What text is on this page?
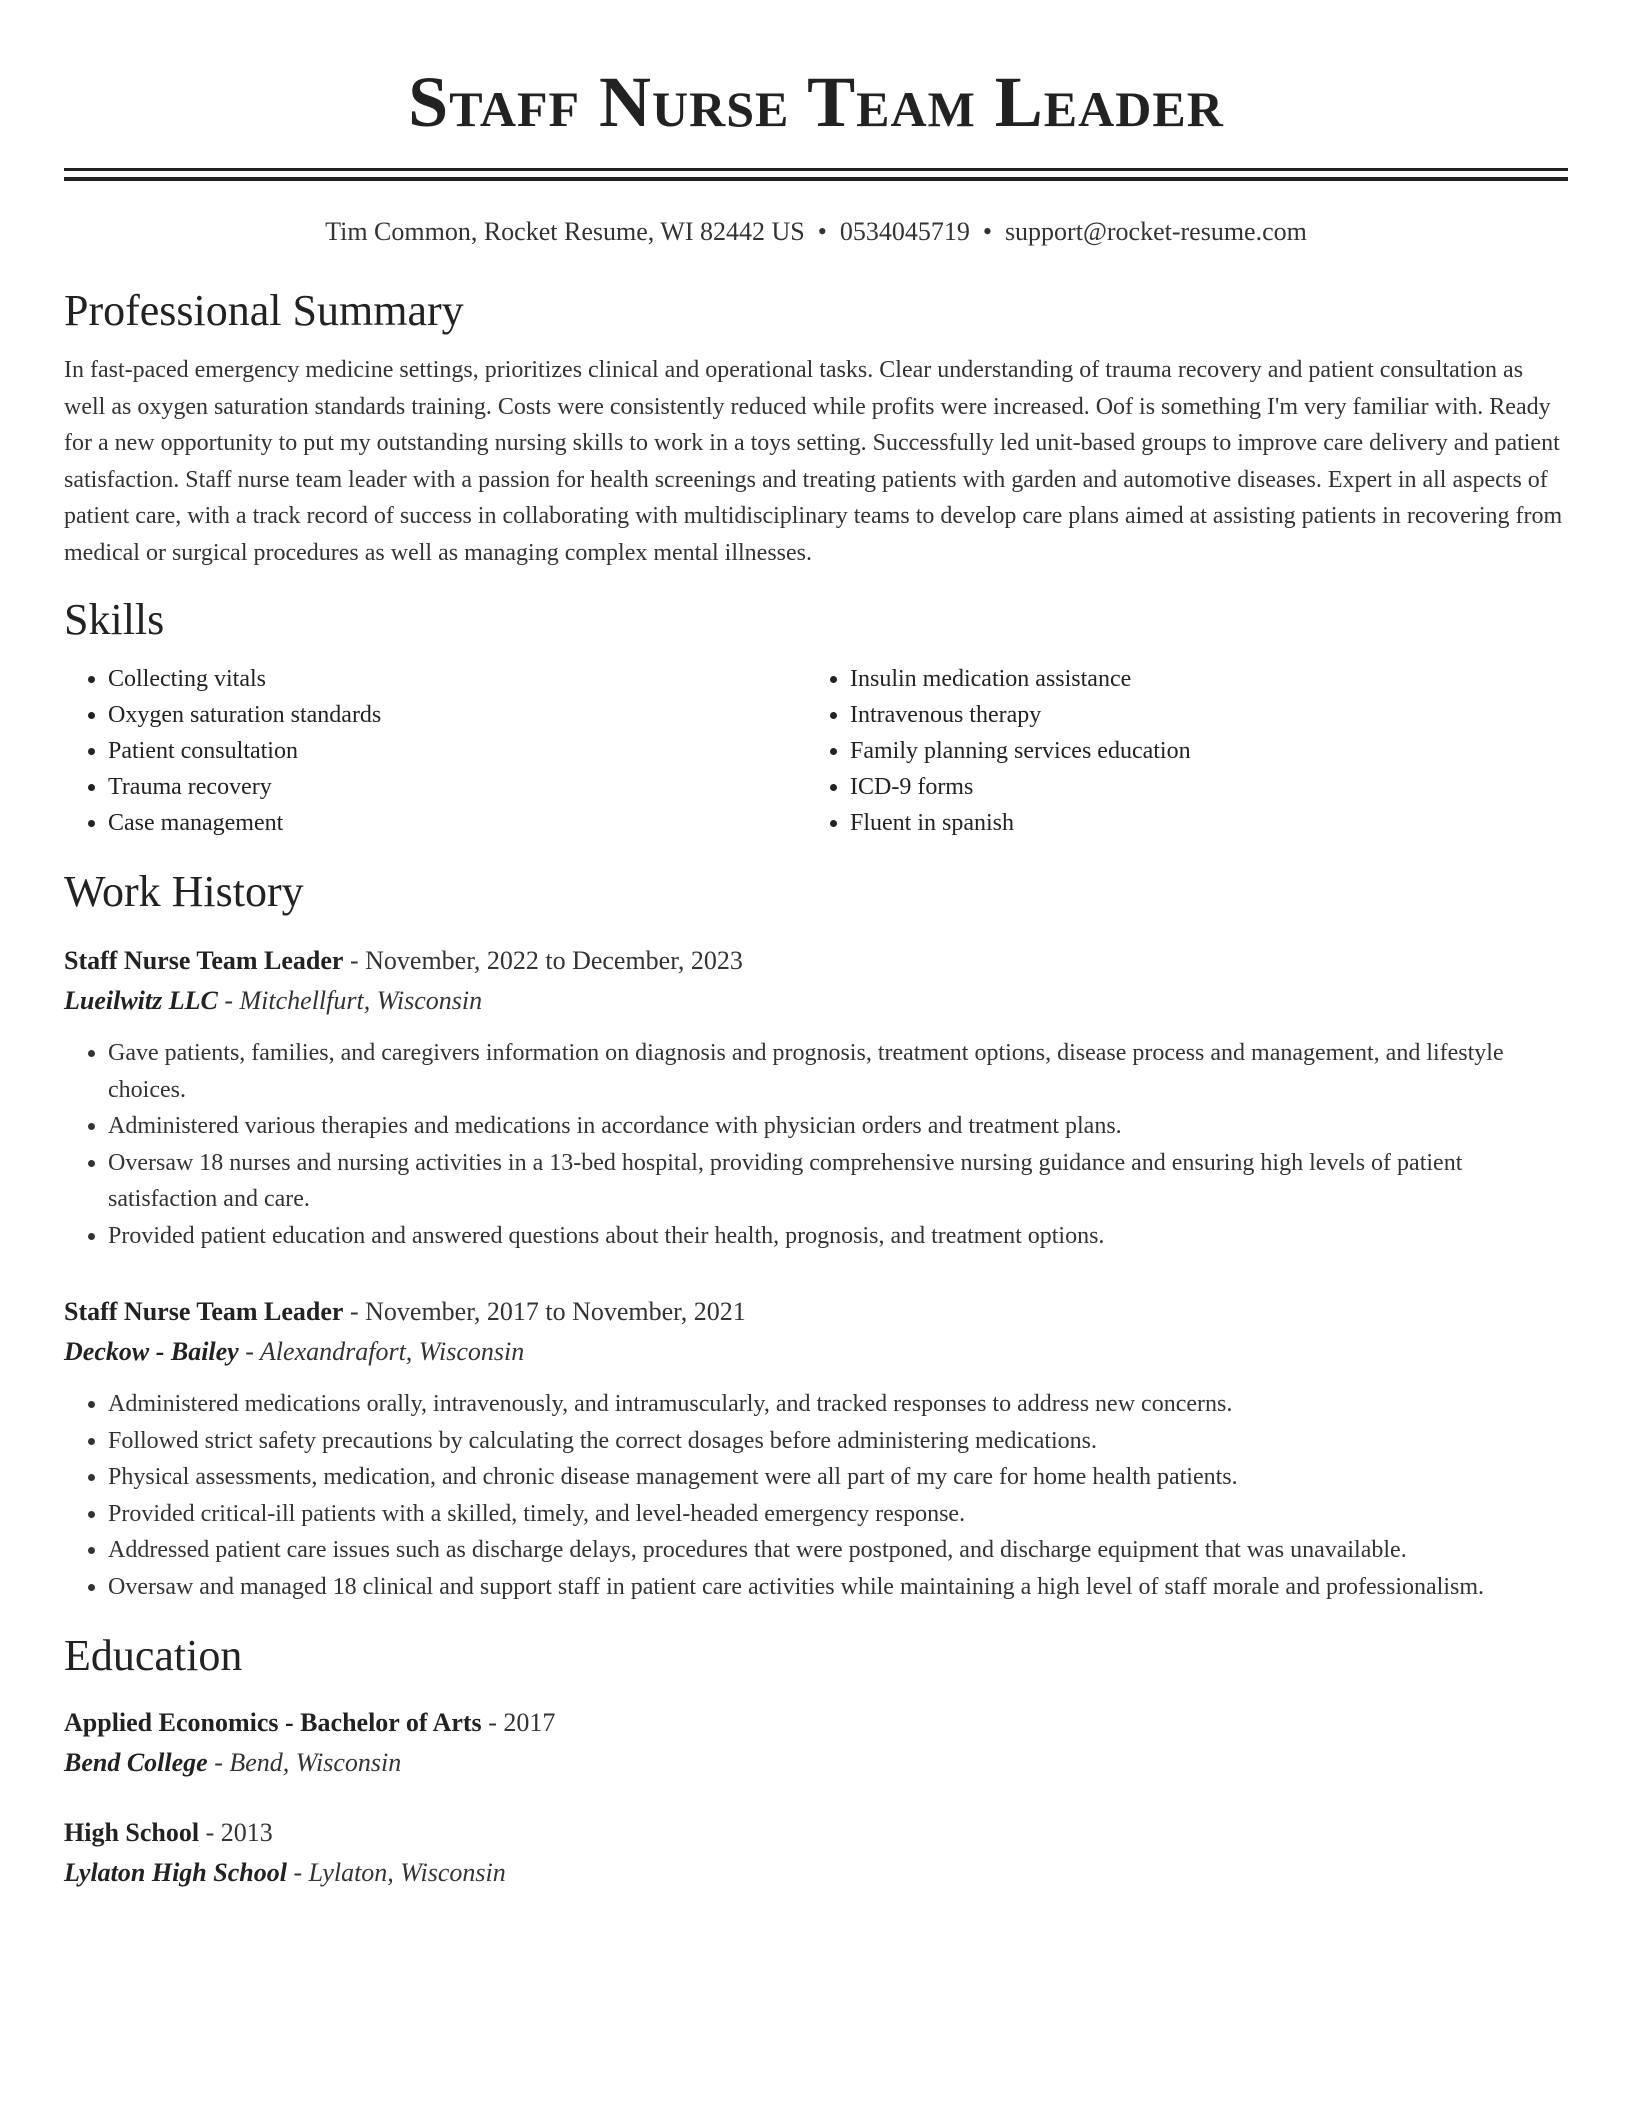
Staff Nurse Team Leader
Tim Common, Rocket Resume, WI 82442 US • 0534045719 • support@rocket-resume.com
Professional Summary

In fast-paced emergency medicine settings, prioritizes clinical and operational tasks. Clear understanding of trauma recovery and patient consultation as well as oxygen saturation standards training. Costs were consistently reduced while profits were increased. Oof is something I'm very familiar with. Ready for a new opportunity to put my outstanding nursing skills to work in a toys setting. Successfully led unit-based groups to improve care delivery and patient satisfaction. Staff nurse team leader with a passion for health screenings and treating patients with garden and automotive diseases. Expert in all aspects of patient care, with a track record of success in collaborating with multidisciplinary teams to develop care plans aimed at assisting patients in recovering from medical or surgical procedures as well as managing complex mental illnesses.

Skills
• Collecting vitals
• Oxygen saturation standards
• Patient consultation
• Trauma recovery
• Case management
• Insulin medication assistance
• Intravenous therapy
• Family planning services education
• ICD-9 forms
• Fluent in spanish
Work History
Staff Nurse Team Leader - November, 2022 to December, 2023
Lueilwitz LLC - Mitchellfurt, Wisconsin
• Gave patients, families, and caregivers information on diagnosis and prognosis, treatment options, disease process and management, and lifestyle choices.
• Administered various therapies and medications in accordance with physician orders and treatment plans.
• Oversaw 18 nurses and nursing activities in a 13-bed hospital, providing comprehensive nursing guidance and ensuring high levels of patient satisfaction and care.
• Provided patient education and answered questions about their health, prognosis, and treatment options.
Staff Nurse Team Leader - November, 2017 to November, 2021
Deckow - Bailey - Alexandrafort, Wisconsin
• Administered medications orally, intravenously, and intramuscularly, and tracked responses to address new concerns.
• Followed strict safety precautions by calculating the correct dosages before administering medications.
• Physical assessments, medication, and chronic disease management were all part of my care for home health patients.
• Provided critical-ill patients with a skilled, timely, and level-headed emergency response.
• Addressed patient care issues such as discharge delays, procedures that were postponed, and discharge equipment that was unavailable.
• Oversaw and managed 18 clinical and support staff in patient care activities while maintaining a high level of staff morale and professionalism.
Education
Applied Economics - Bachelor of Arts - 2017
Bend College - Bend, Wisconsin
High School - 2013
Lylaton High School - Lylaton, Wisconsin
